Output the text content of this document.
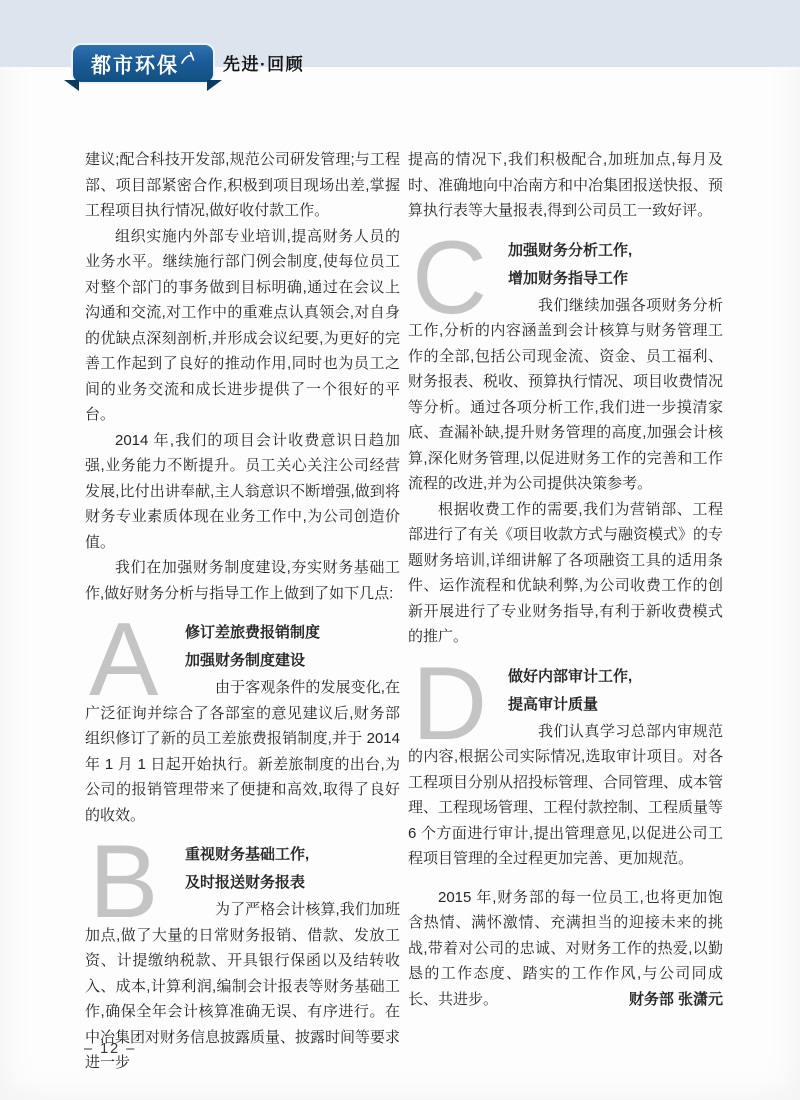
都市环保	先进·回顾

建议;配合科技开发部,规范公司研发管理;与工程部、项目部紧密合作,积极到项目现场出差,掌握工程项目执行情况,做好收付款工作。

组织实施内外部专业培训,提高财务人员的业务水平。继续施行部门例会制度,使每位员工对整个部门的事务做到目标明确,通过在会议上沟通和交流,对工作中的重难点认真领会,对自身的优缺点深刻剖析,并形成会议纪要,为更好的完善工作起到了良好的推动作用,同时也为员工之间的业务交流和成长进步提供了一个很好的平台。

2014 年,我们的项目会计收费意识日趋加强,业务能力不断提升。员工关心关注公司经营发展,比付出讲奉献,主人翁意识不断增强,做到将财务专业素质体现在业务工作中,为公司创造价值。

我们在加强财务制度建设,夯实财务基础工作,做好财务分析与指导工作上做到了如下几点:

A	修订差旅费报销制度
加强财务制度建设
由于客观条件的发展变化,在广泛征询并综合了各部室的意见建议后,财务部组织修订了新的员工差旅费报销制度,并于 2014 年 1 月 1 日起开始执行。新差旅制度的出台,为公司的报销管理带来了便捷和高效,取得了良好的收效。
B	重视财务基础工作,
及时报送财务报表
为了严格会计核算,我们加班加点,做了大量的日常财务报销、借款、发放工资、计提缴纳税款、开具银行保函以及结转收入、成本,计算利润,编制会计报表等财务基础工作,确保全年会计核算准确无误、有序进行。在中冶集团对财务信息披露质量、披露时间等要求进一步

提高的情况下,我们积极配合,加班加点,每月及时、准确地向中冶南方和中冶集团报送快报、预算执行表等大量报表,得到公司员工一致好评。

C	加强财务分析工作,
增加财务指导工作
我们继续加强各项财务分析工作,分析的内容涵盖到会计核算与财务管理工作的全部,包括公司现金流、资金、员工福利、财务报表、税收、预算执行情况、项目收费情况等分析。通过各项分析工作,我们进一步摸清家底、查漏补缺,提升财务管理的高度,加强会计核算,深化财务管理,以促进财务工作的完善和工作流程的改进,并为公司提供决策参考。

根据收费工作的需要,我们为营销部、工程部进行了有关《项目收款方式与融资模式》的专题财务培训,详细讲解了各项融资工具的适用条件、运作流程和优缺利弊,为公司收费工作的创新开展进行了专业财务指导,有利于新收费模式的推广。

D	做好内部审计工作,
提高审计质量
我们认真学习总部内审规范的内容,根据公司实际情况,选取审计项目。对各工程项目分别从招投标管理、合同管理、成本管理、工程现场管理、工程付款控制、工程质量等 6 个方面进行审计,提出管理意见,以促进公司工程项目管理的全过程更加完善、更加规范。

2015 年,财务部的每一位员工,也将更加饱含热情、满怀激情、充满担当的迎接未来的挑战,带着对公司的忠诚、对财务工作的热爱,以勤恳的工作态度、踏实的工作作风,与公司同成长、共进步。	财务部 张潇元
– 12 –
